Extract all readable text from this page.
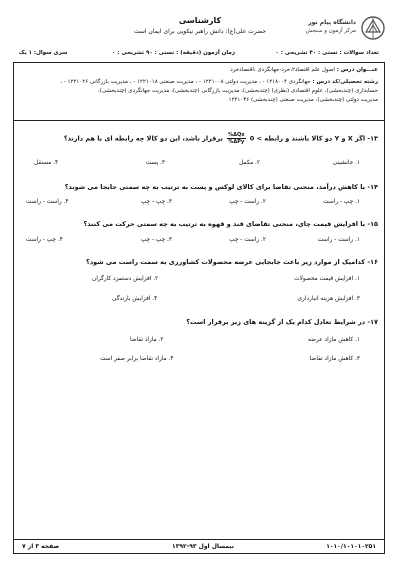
دانشگاه پیام نور
مرکز آزمون و سنجش
کارشناسی
حضرت علی(ع): دانش راهبر نیکویی برای ایمان است
تعداد سوالات : تستی : ۴۰ تشریحی : ۰
زمان آزمون (دقیقه) : تستی : ۹۰ تشریحی : ۰
سری سوال: ۱ یک
عنـــوان درس : اصول علم اقتصاد۲،خرد-جهانگردی ،اقتصادخرد
رشته تحصیلی/کد درس : جهانگردی ۱۲۱۸۰۰۴ - ، مدیریت دولتی ۱۲۲۱۰۰۸ - ، مدیریت صنعتی ۱۲۲۱۰۱۸ - ، مدیریت بازرگانی ۱۲۲۱۰۲۶ - ،
حسابداری (چندبخشی)، علوم اقتصادی (نظری) (چندبخشی)، مدیریت بازرگانی (چندبخشی)، مدیریت جهانگردی (چندبخشی)،
مدیریت دولتی (چندبخشی)، مدیریت صنعتی (چندبخشی) ۱۲۲۱۰۳۶
۱۳- اگر X و Y دو کالا باشند و رابطه 0 <
$\frac{\text{\%ΔQx}}{\text{\%ΔPy}}$
برقرار باشد، این دو کالا چه رابطه ای با هم دارند؟
۱. جانشینی
۲. مکمل
۳. پست
۴. مستقل
۱۴- با کاهش درآمد، منحنی تقاضا برای کالای لوکس و پست به ترتیب به چه سمتی جابجا می شوند؟
۱. چپ - راست
۲. راست - چپ
۳. چپ - چپ
۴. راست - راست
۱۵- با افزایش قیمت چای، منحنی تقاضای قند و قهوه به ترتیب به چه سمتی حرکت می کنند؟
۱. راست - راست
۲. راست - چپ
۳. چپ - چپ
۴. چپ - راست
۱۶- کدامیک از موارد زیر باعث جابجایی عرضه محصولات کشاورزی به سمت راست می شود؟
۱. افزایش قیمت محصولات
۲. افزایش دستمزد کارگران
۳. افزایش هزینه انبارداری
۴. افزایش بارندگی
۱۷- در شرایط تعادل کدام یک از گزینه های زیر برقرار است؟
۱. کاهش مازاد عرضه
۲. مازاد تقاضا
۳. کاهش مازاد تقاضا
۴. مازاد تقاضا برابر صفر است
۱۰۱۰/۱۰۱۰۱۰۲۵۱
نیمسال اول ۹۳-۱۳۹۲
صفحه ۳ از ۷
